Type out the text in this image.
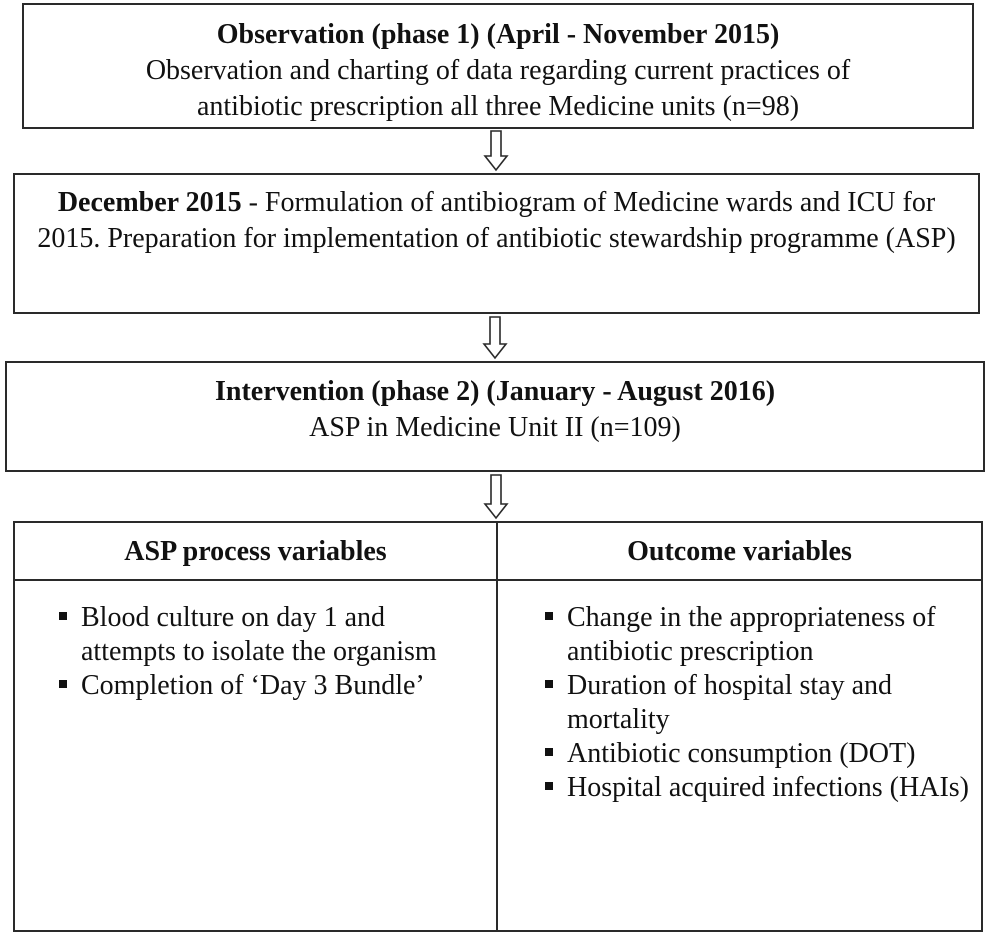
Observation (phase 1) (April - November 2015)
Observation and charting of data regarding current practices of
antibiotic prescription all three Medicine units (n=98)
December 2015 - Formulation of antibiogram of Medicine wards and ICU for 2015. Preparation for implementation of antibiotic stewardship programme (ASP)
Intervention (phase 2) (January - August 2016)
ASP in Medicine Unit II (n=109)
ASP process variables
Blood culture on day 1 and attempts to isolate the organism
Completion of ‘Day 3 Bundle’
Outcome variables
Change in the appropriateness of antibiotic prescription
Duration of hospital stay and mortality
Antibiotic consumption (DOT)
Hospital acquired infections (HAIs)
